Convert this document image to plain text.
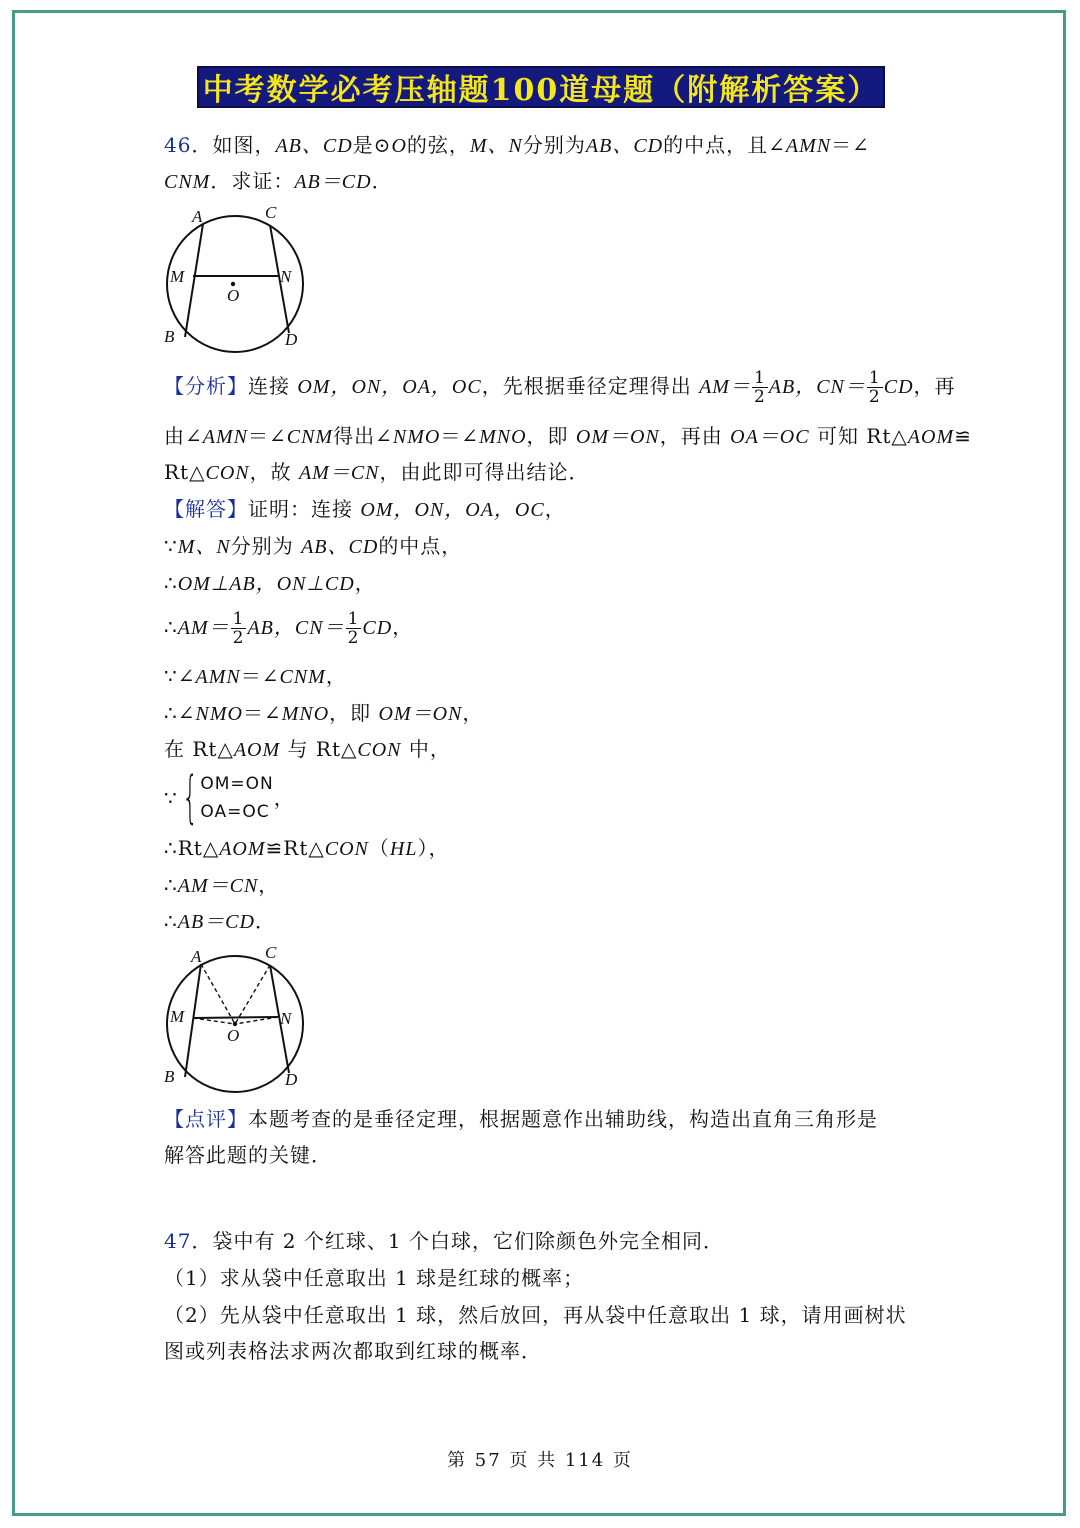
中考数学必考压轴题100道母题（附解析答案）
46．如图，AB、CD是⊙O的弦，M、N分别为AB、CD的中点，且∠AMN＝∠
CNM．求证：AB＝CD．
A	C
M	N
O
B	D
【分析】连接 OM，ON，OA，OC，先根据垂径定理得出 $AM= \frac{1}{2}$ AB，$CN= \frac{1}{2}$ CD，再
由∠AMN＝∠CNM得出∠NMO＝∠MNO，即 OM＝ON，再由 OA＝OC 可知 Rt△AOM≌
Rt△CON，故 AM＝CN，由此即可得出结论．
【解答】证明：连接 OM，ON，OA，OC，
∵M、N分别为 AB、CD的中点，
∴OM⊥AB，ON⊥CD，
∴AM＝ $\frac{1}{2}$ AB，$CN= \frac{1}{2}$ CD，
∵∠AMN＝∠CNM，
∴∠NMO＝∠MNO，即 OM＝ON，
在 Rt△AOM 与 Rt△CON 中，
∵ { OM=ON
OA=OC
，
∴Rt△AOM≌Rt△CON（HL），
∴AM＝CN，
∴AB＝CD．
A	C
M	N
O
B	D
【点评】本题考查的是垂径定理，根据题意作出辅助线，构造出直角三角形是
解答此题的关键．
47．袋中有 2 个红球、1 个白球，它们除颜色外完全相同．
（1）求从袋中任意取出 1 球是红球的概率；
（2）先从袋中任意取出 1 球，然后放回，再从袋中任意取出 1 球，请用画树状
图或列表格法求两次都取到红球的概率．
第 57 页 共 114 页
